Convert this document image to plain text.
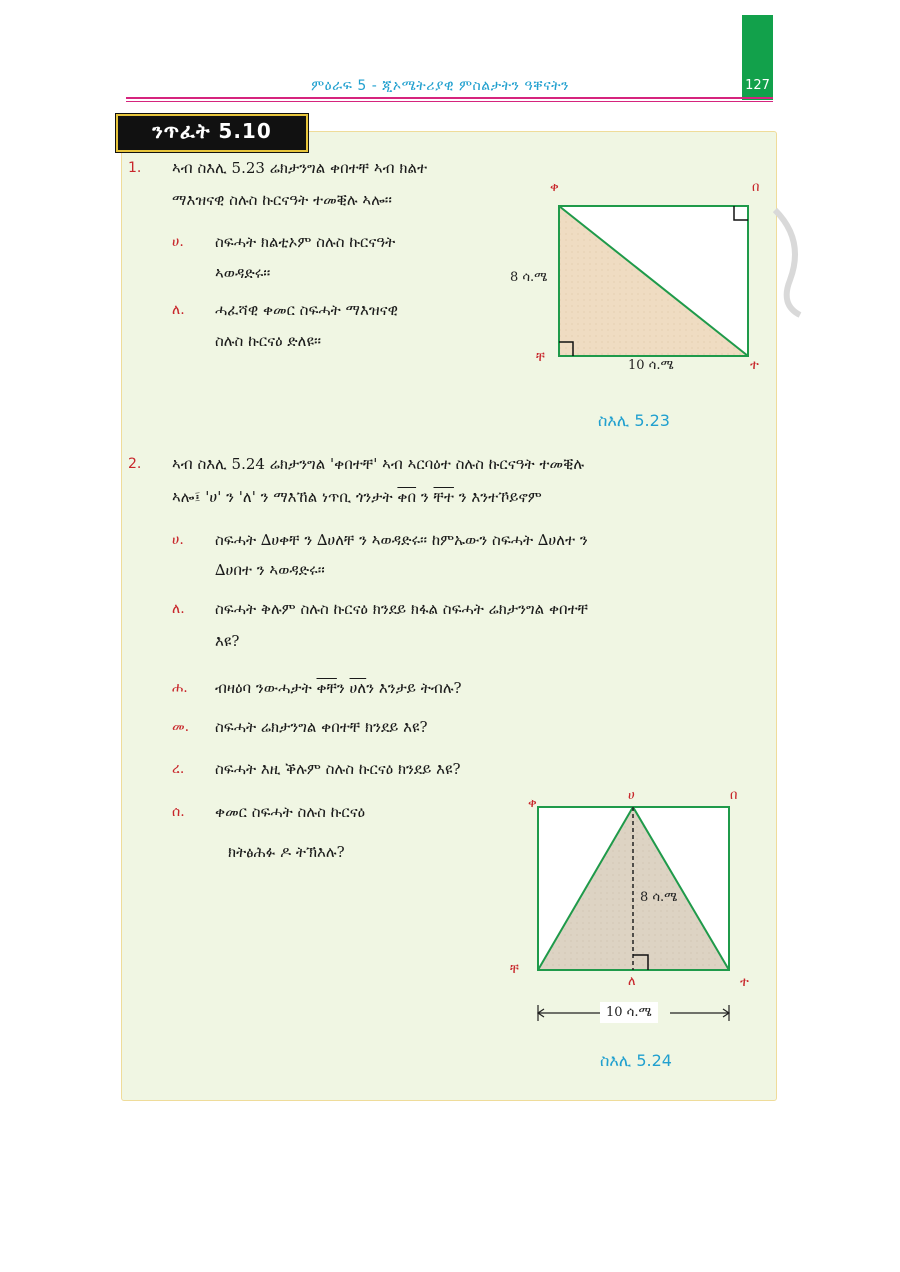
127
ምዕራፍ 5 - ጂኦሜትሪያዊ ምስልታትን ዓቐናትን
ንጥፈት 5.10
1. ኣብ ስእሊ 5.23 ሬክታንግል ቀበተቸ ኣብ ክልተ
ማእዝናዊ ስሉስ ኩርናዓት ተመቒሉ ኣሎ፡፡
ሀ. ስፍሓት ክልቲኦም ስሉስ ኩርናዓት
ኣወዳድሩ፡፡
ለ. ሓፈሻዊ ቀመር ስፍሓት ማእዝናዊ
ስሉስ ኩርናዕ ድለዩ፡፡
ቀ	በ
ቸ
ተ
8 ሳ.ሜ
10 ሳ.ሜ
ስእሊ 5.23
2. ኣብ ስእሊ 5.24 ሬክታንግል 'ቀበተቸ' ኣብ ኣርባዕተ ስሉስ ኩርናዓት ተመቒሉ
ኣሎ፤ 'ሀ' ን 'ለ' ን ማእኸል ነጥቢ ጎንታት ቀበ ን ቸተ ን እንተኾይኖም
ሀ. ስፍሓት ∆ሀቀቸ ን ∆ሀለቸ ን ኣወዳድሩ፡፡ ከምኡውን ስፍሓት ∆ሀለተ ን
∆ሀበተ ን ኣወዳድሩ፡፡
ለ. ስፍሓት ቅሉም ስሉስ ኩርናዕ ክንደይ ክፋል ስፍሓት ሬክታንግል ቀበተቸ
እዩ?
ሐ. ብዛዕባ ንውሓታት ቀቸን ሀለን እንታይ ትብሉ?
መ. ስፍሓት ሬክታንግል ቀበተቸ ክንደይ እዩ?
ረ. ስፍሓት እዚ ቕሉም ስሉስ ኩርናዕ ክንደይ እዩ?
ሰ. ቀመር ስፍሓት ስሉስ ኩርናዕ
ክትፅሕፉ ዶ ትኽእሉ?
ቀ
ሀ	በ
ቸ
ለ	ተ
8 ሳ.ሜ
10 ሳ.ሜ
ስእሊ 5.24
